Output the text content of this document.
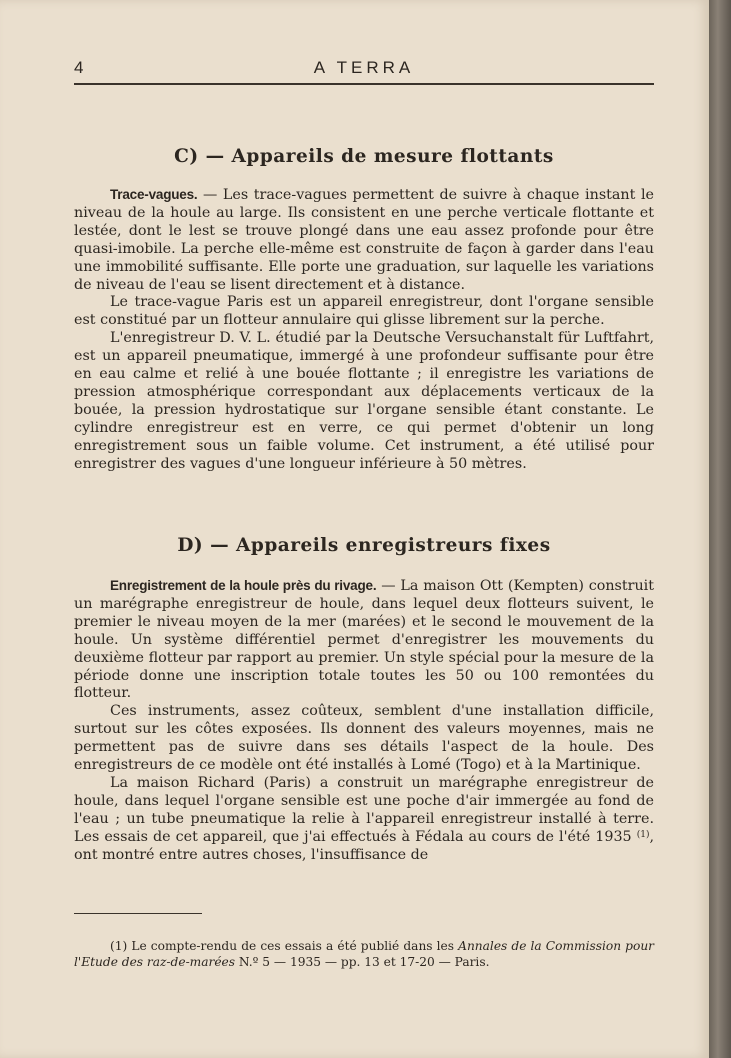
4	A TERRA
C) — Appareils de mesure flottants

Trace-vagues. — Les trace-vagues permettent de suivre à chaque instant le niveau de la houle au large. Ils consistent en une perche verticale flottante et lestée, dont le lest se trouve plongé dans une eau assez profonde pour être quasi-imobile. La perche elle-même est construite de façon à garder dans l'eau une immobilité suffisante. Elle porte une graduation, sur laquelle les variations de niveau de l'eau se lisent directement et à distance.

Le trace-vague Paris est un appareil enregistreur, dont l'organe sensible est constitué par un flotteur annulaire qui glisse librement sur la perche.

L'enregistreur D. V. L. étudié par la Deutsche Versuchanstalt für Luftfahrt, est un appareil pneumatique, immergé à une profondeur suffisante pour être en eau calme et relié à une bouée flottante ; il enregistre les variations de pression atmosphérique correspondant aux déplacements verticaux de la bouée, la pression hydrostatique sur l'organe sensible étant constante. Le cylindre enregistreur est en verre, ce qui permet d'obtenir un long enregistrement sous un faible volume. Cet instrument, a été utilisé pour enregistrer des vagues d'une longueur inférieure à 50 mètres.

D) — Appareils enregistreurs fixes

Enregistrement de la houle près du rivage. — La maison Ott (Kempten) construit un marégraphe enregistreur de houle, dans lequel deux flotteurs suivent, le premier le niveau moyen de la mer (marées) et le second le mouvement de la houle. Un système différentiel permet d'enregistrer les mouvements du deuxième flotteur par rapport au premier. Un style spécial pour la mesure de la période donne une inscription totale toutes les 50 ou 100 remontées du flotteur.

Ces instruments, assez coûteux, semblent d'une installation difficile, surtout sur les côtes exposées. Ils donnent des valeurs moyennes, mais ne permettent pas de suivre dans ses détails l'aspect de la houle. Des enregistreurs de ce modèle ont été installés à Lomé (Togo) et à la Martinique.

La maison Richard (Paris) a construit un marégraphe enregistreur de houle, dans lequel l'organe sensible est une poche d'air immergée au fond de l'eau ; un tube pneumatique la relie à l'appareil enregistreur installé à terre. Les essais de cet appareil, que j'ai effectués à Fédala au cours de l'été 1935 $^{(1)}$, ont montré entre autres choses, l'insuffisance de

(1) Le compte-rendu de ces essais a été publié dans les Annales de la Commission pour l'Etude des raz-de-marées N.º 5 — 1935 — pp. 13 et 17-20 — Paris.
